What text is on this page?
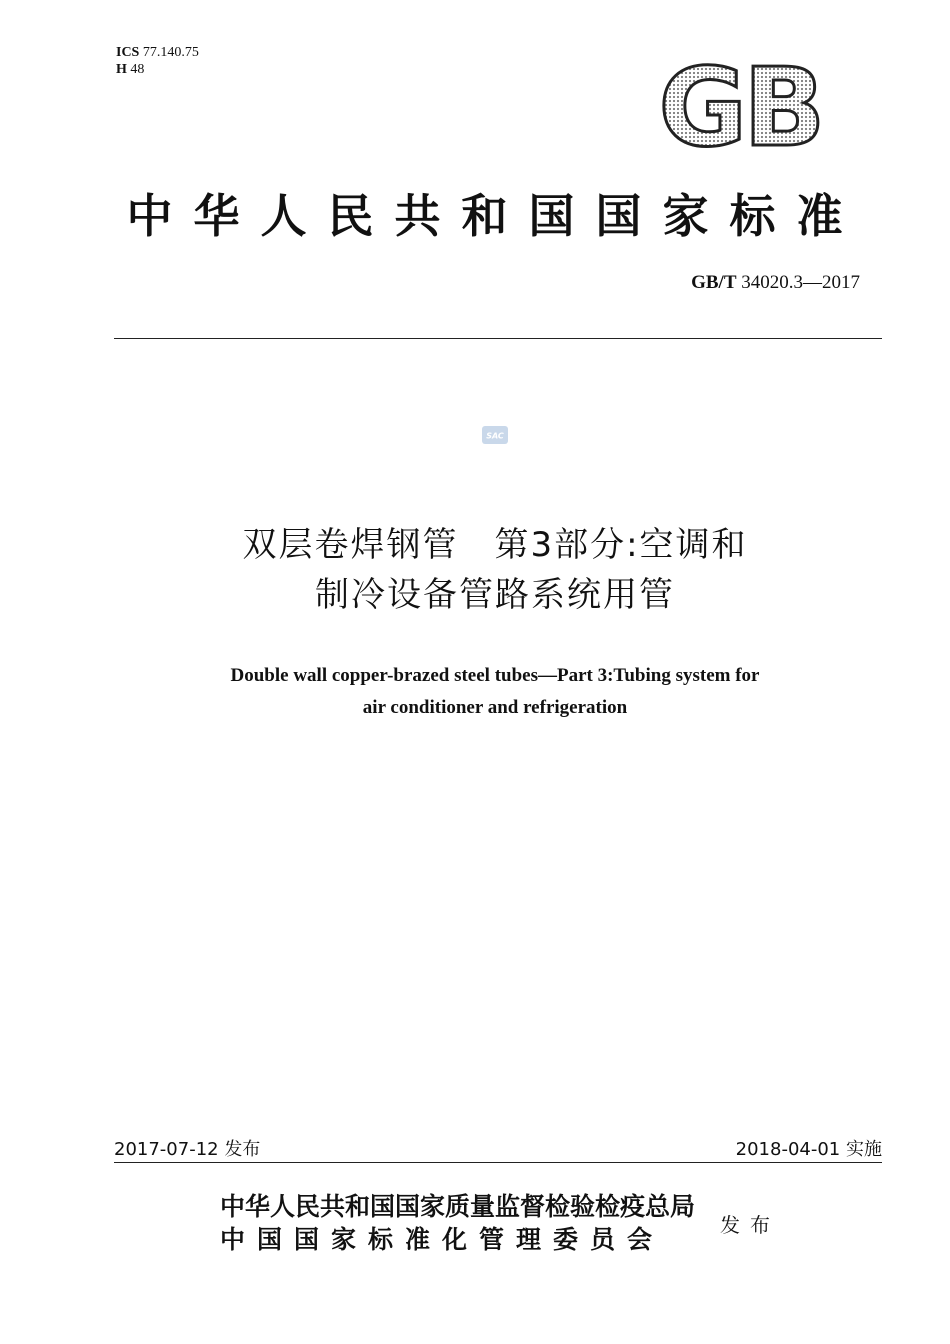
ICS 77.140.75
H 48	GB
中华人民共和国国家标准
GB/T 34020.3—2017
SAC
双层卷焊钢管　第3部分:空调和
制冷设备管路系统用管
Double wall copper-brazed steel tubes—Part 3:Tubing system for
air conditioner and refrigeration
2017-07-12 发布	2018-04-01 实施
中华人民共和国国家质量监督检验检疫总局
中国国家标准化管理委员会	发布
